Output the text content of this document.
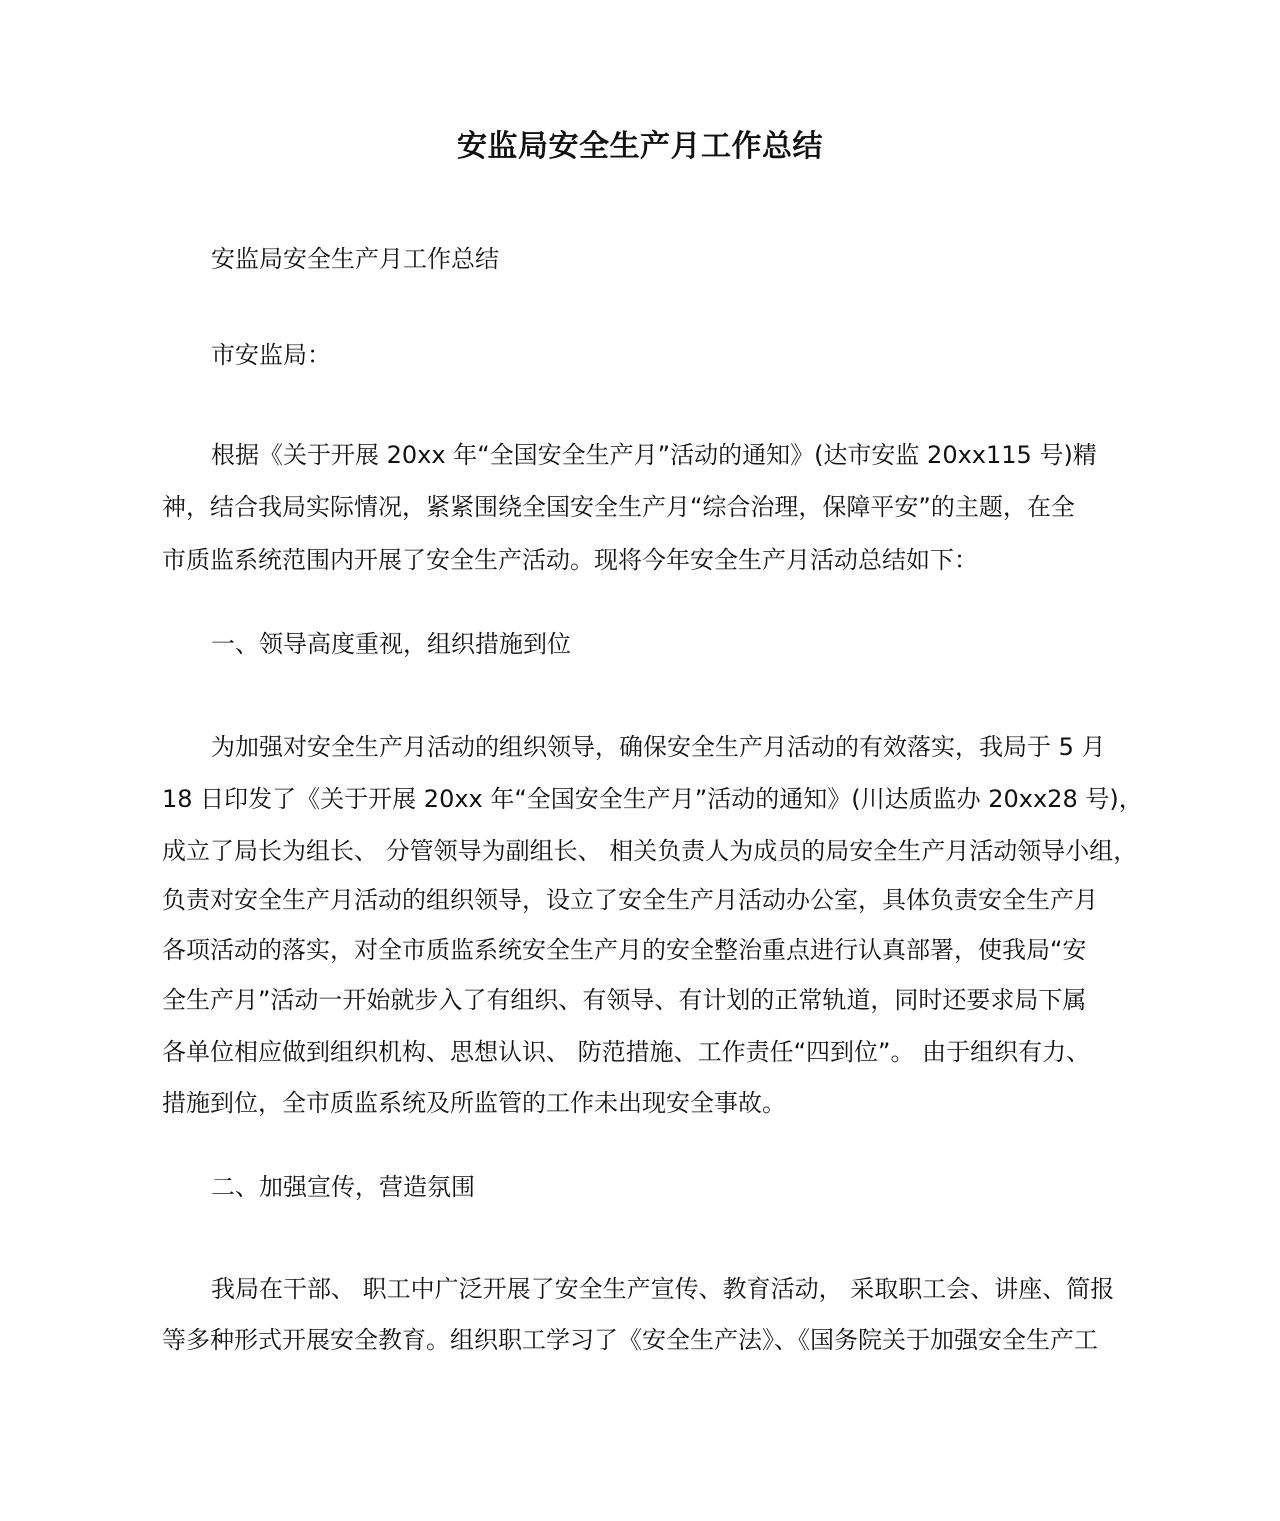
安监局安全生产月工作总结

安监局安全生产月工作总结

市安监局：

根据《关于开展 20xx 年“全国安全生产月”活动的通知》(达市安监 20xx115 号)精

神，结合我局实际情况，紧紧围绕全国安全生产月“综合治理，保障平安”的主题，在全

市质监系统范围内开展了安全生产活动。现将今年安全生产月活动总结如下：

一、领导高度重视，组织措施到位

为加强对安全生产月活动的组织领导，确保安全生产月活动的有效落实，我局于 5 月

18 日印发了《关于开展 20xx 年“全国安全生产月”活动的通知》(川达质监办 20xx28 号)，

成立了局长为组长、 分管领导为副组长、 相关负责人为成员的局安全生产月活动领导小组，

负责对安全生产月活动的组织领导，设立了安全生产月活动办公室，具体负责安全生产月

各项活动的落实，对全市质监系统安全生产月的安全整治重点进行认真部署，使我局“安

全生产月”活动一开始就步入了有组织、有领导、有计划的正常轨道，同时还要求局下属

各单位相应做到组织机构、思想认识、 防范措施、工作责任“四到位”。 由于组织有力、

措施到位，全市质监系统及所监管的工作未出现安全事故。

二、加强宣传，营造氛围

我局在干部、 职工中广泛开展了安全生产宣传、教育活动， 采取职工会、讲座、简报

等多种形式开展安全教育。组织职工学习了《安全生产法》、《国务院关于加强安全生产工
